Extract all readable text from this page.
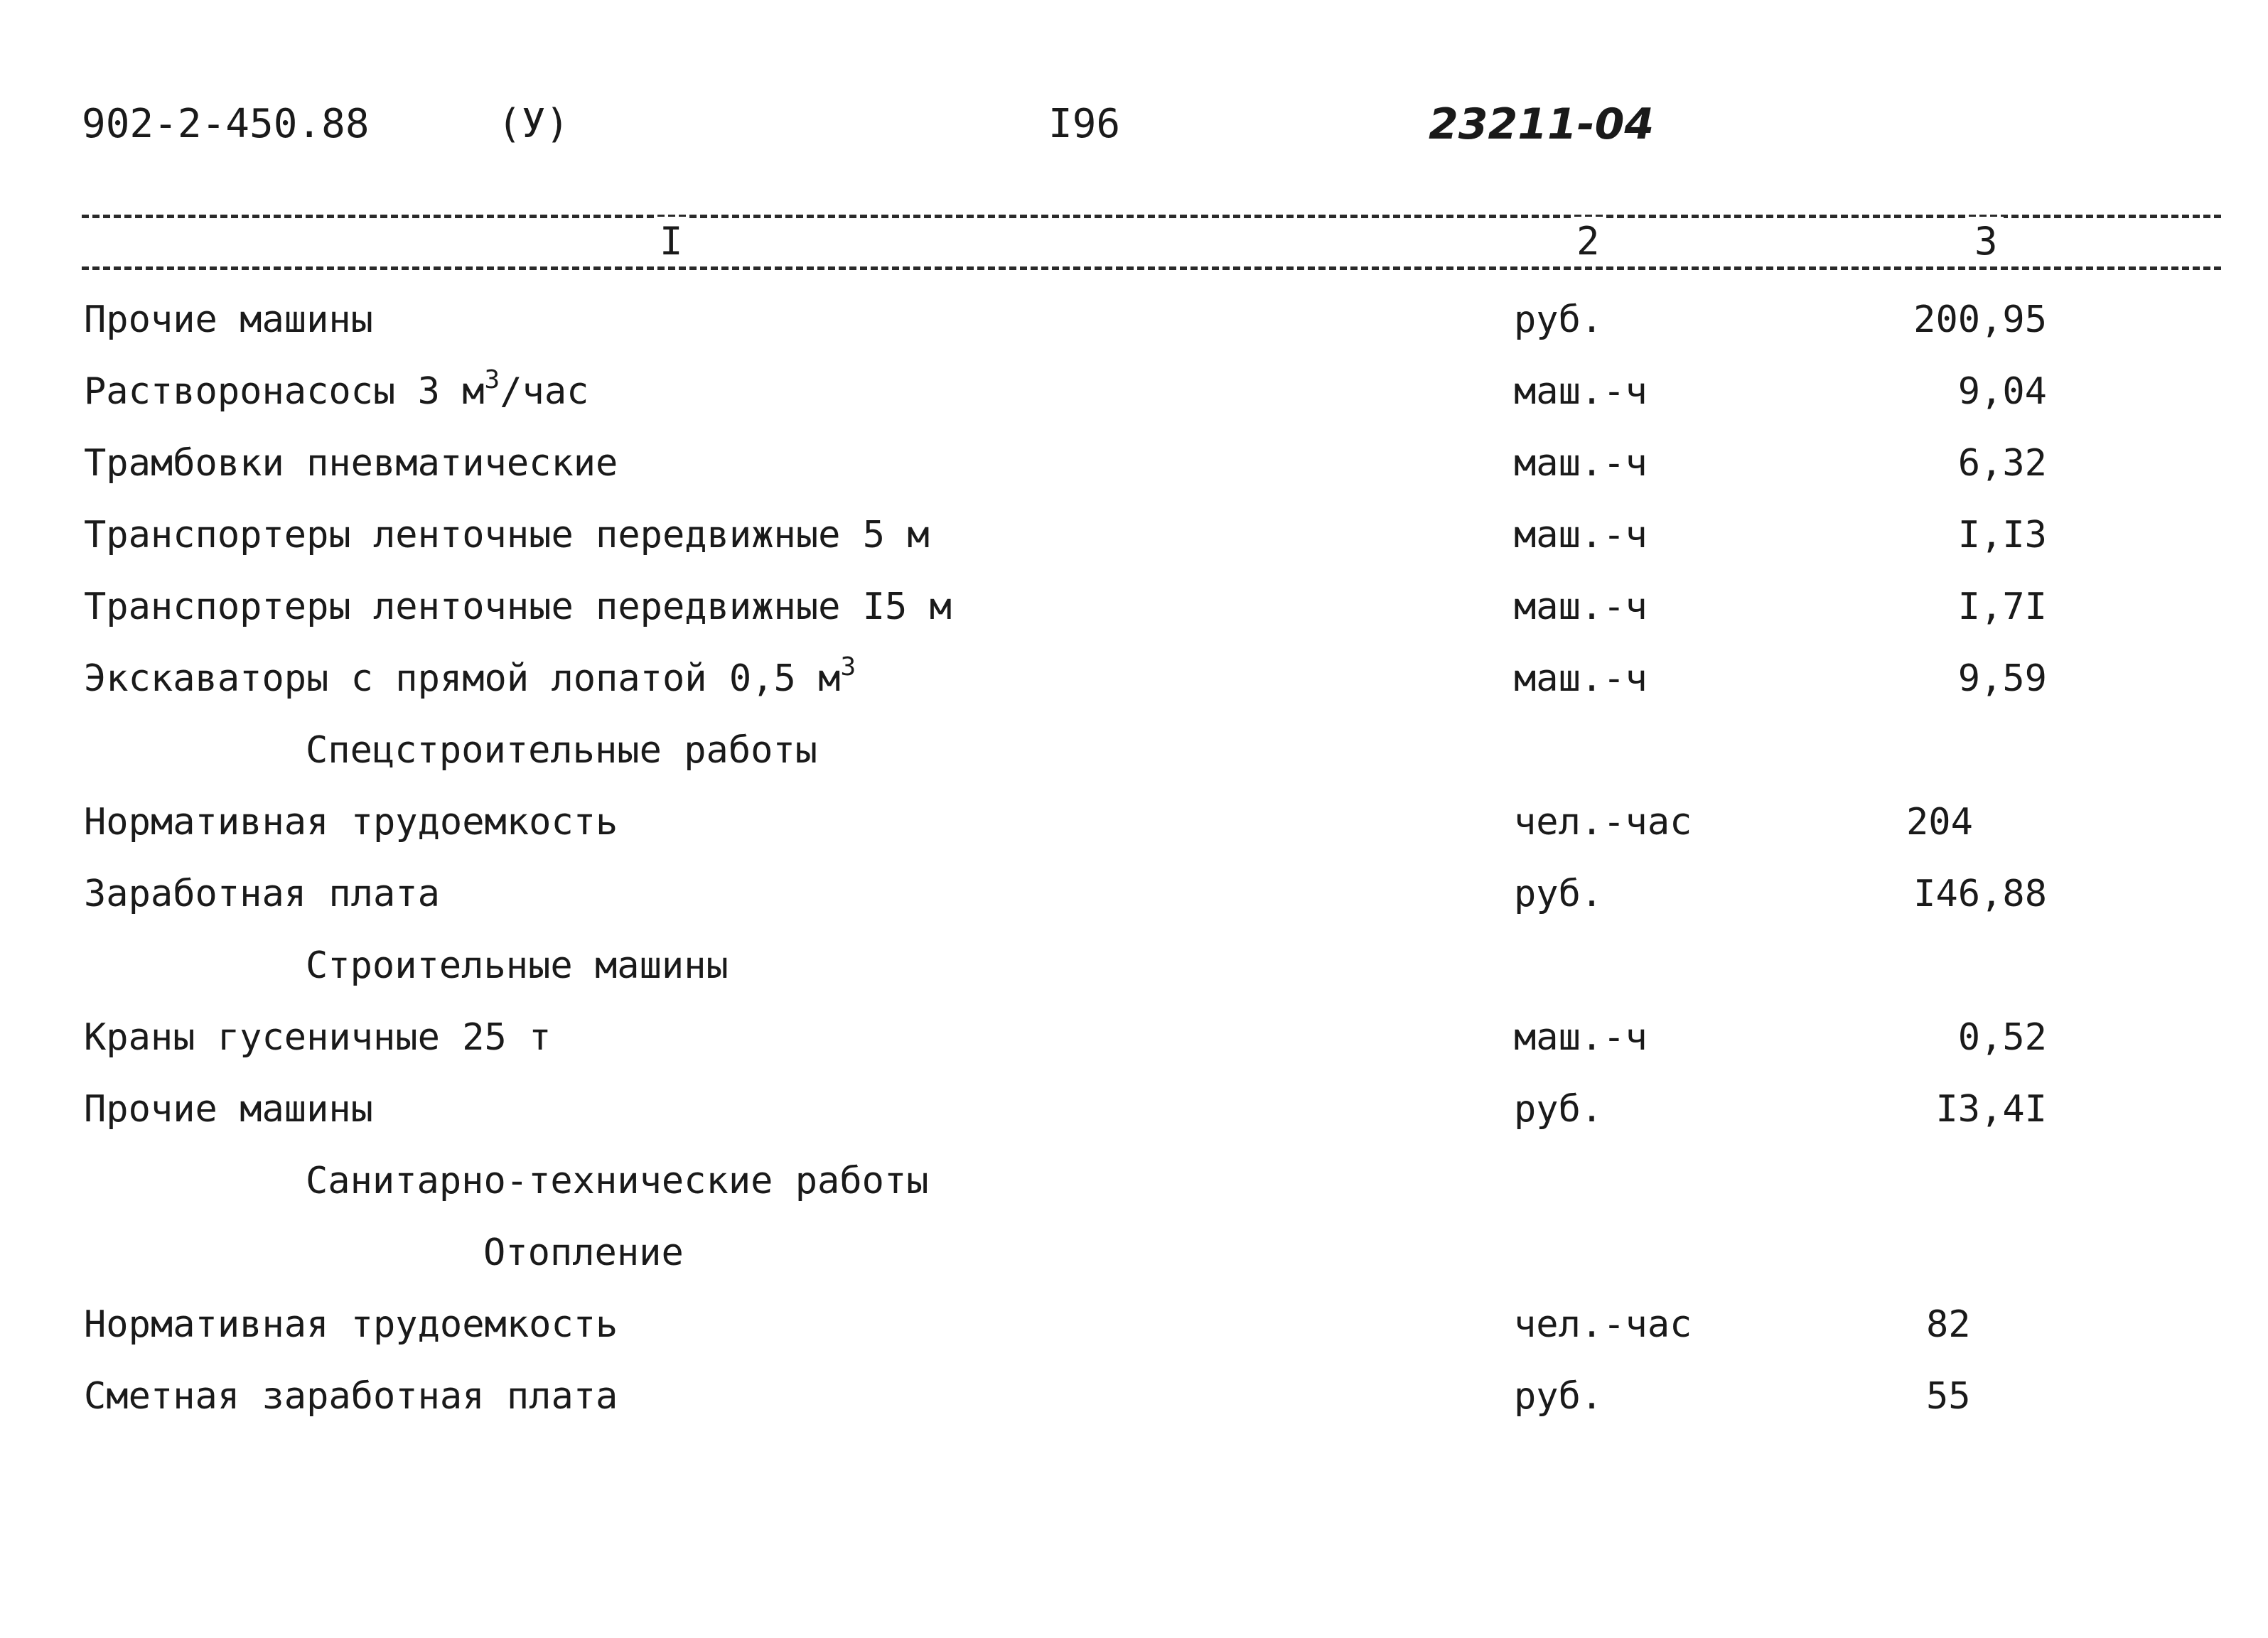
902-2-450.88	(У)	I96	23211-04
I	2	3
Прочие машины	руб.	200,95
Растворонасосы 3 $м^3$/час	маш.-ч	9,04
Трамбовки пневматические	маш.-ч	6,32
Транспортеры ленточные передвижные 5 м	маш.-ч	I,I3
Транспортеры ленточные передвижные I5 м	маш.-ч	I,7I
Экскаваторы с прямой лопатой 0,5 $м^3$	маш.-ч	9,59
Спецстроительные работы
Нормативная трудоемкость	чел.-час	204
Заработная плата	руб.	I46,88
Строительные машины
Краны гусеничные 25 т	маш.-ч	0,52
Прочие машины	руб.	I3,4I
Санитарно-технические работы
Отопление
Нормативная трудоемкость	чел.-час	82
Сметная заработная плата	руб.	55
